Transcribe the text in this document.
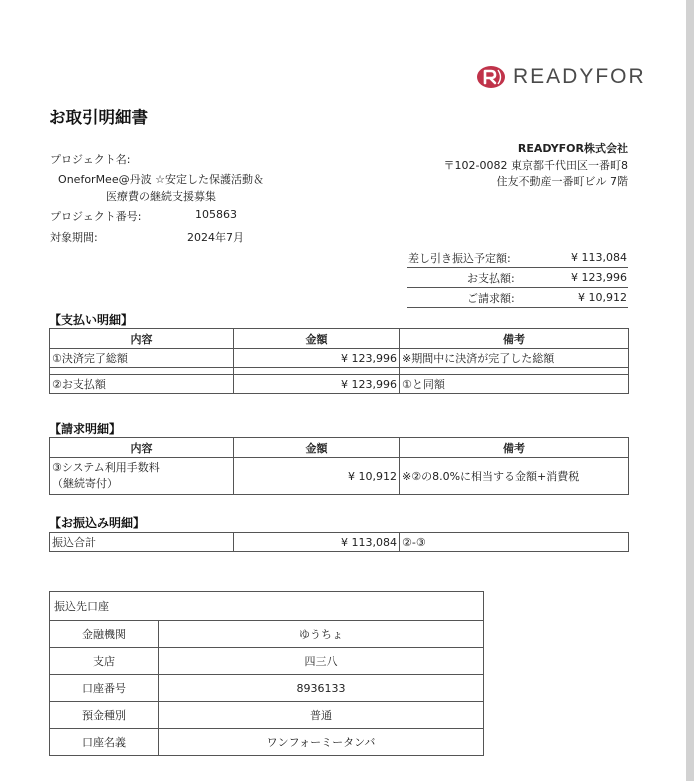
READYFOR
お取引明細書
READYFOR株式会社
〒102-0082 東京都千代田区一番町8
住友不動産一番町ビル 7階
プロジェクト名:
OneforMee@丹波 ☆安定した保護活動＆
医療費の継続支援募集
プロジェクト番号:	105863
対象期間:	2024年7月
差し引き振込予定額:	¥ 113,084
お支払額:	¥ 123,996
ご請求額:	¥ 10,912
【支払い明細】
内容	金額	備考
①決済完了総額	¥ 123,996	※期間中に決済が完了した総額

②お支払額	¥ 123,996	①と同額
【請求明細】
内容	金額	備考

③システム利用手数料
（継続寄付）	¥ 10,912	※②の8.0%に相当する金額+消費税
【お振込み明細】
振込合計	¥ 113,084	②-③
振込先口座	
金融機関	ゆうちょ
支店	四三八
口座番号	8936133
預金種別	普通
口座名義	ワンフォーミータンバ
